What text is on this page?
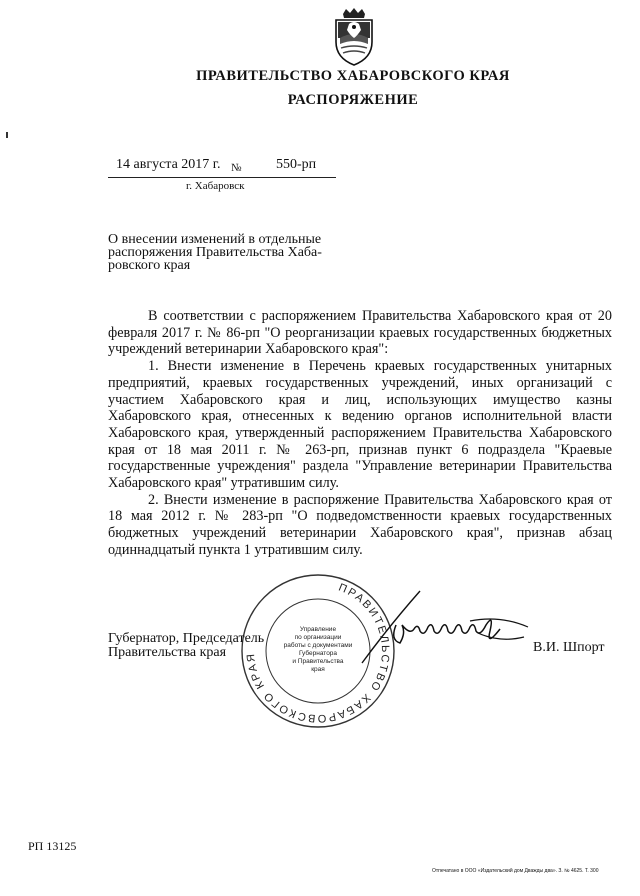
ПРАВИТЕЛЬСТВО ХАБАРОВСКОГО КРАЯ
РАСПОРЯЖЕНИЕ
14 августа 2017 г. № 550-рп
г. Хабаровск
О внесении изменений в отдельные
распоряжения Правительства Хаба-
ровского края

В соответствии с распоряжением Правительства Хабаровского края от 20 февраля 2017 г. № 86-рп "О реорганизации краевых государственных бюджетных учреждений ветеринарии Хабаровского края":

1. Внести изменение в Перечень краевых государственных унитарных предприятий, краевых государственных учреждений, иных организаций с участием Хабаровского края и лиц, использующих имущество казны Хабаровского края, отнесенных к ведению органов исполнительной власти Хабаровского края, утвержденный распоряжением Правительства Хабаровского края от 18 мая 2011 г. № 263-рп, признав пункт 6 подраздела "Краевые государственные учреждения" раздела "Управление ветеринарии Правительства Хабаровского края" утратившим силу.

2. Внести изменение в распоряжение Правительства Хабаровского края от 18 мая 2012 г. № 283-рп "О подведомственности краевых государственных бюджетных учреждений ветеринарии Хабаровского края", признав абзац одиннадцатый пункта 1 утратившим силу.

ПРАВИТЕЛЬСТВО ХАБАРОВСКОГО КРАЯ
Управление
по организации
работы с документами
Губернатора
и Правительства
края
Губернатор, Председатель
Правительства края	В.И. Шпорт
РП 13125
Отпечатано в ООО «Издательский дом Дважды два». З. № 4625. Т. 300
